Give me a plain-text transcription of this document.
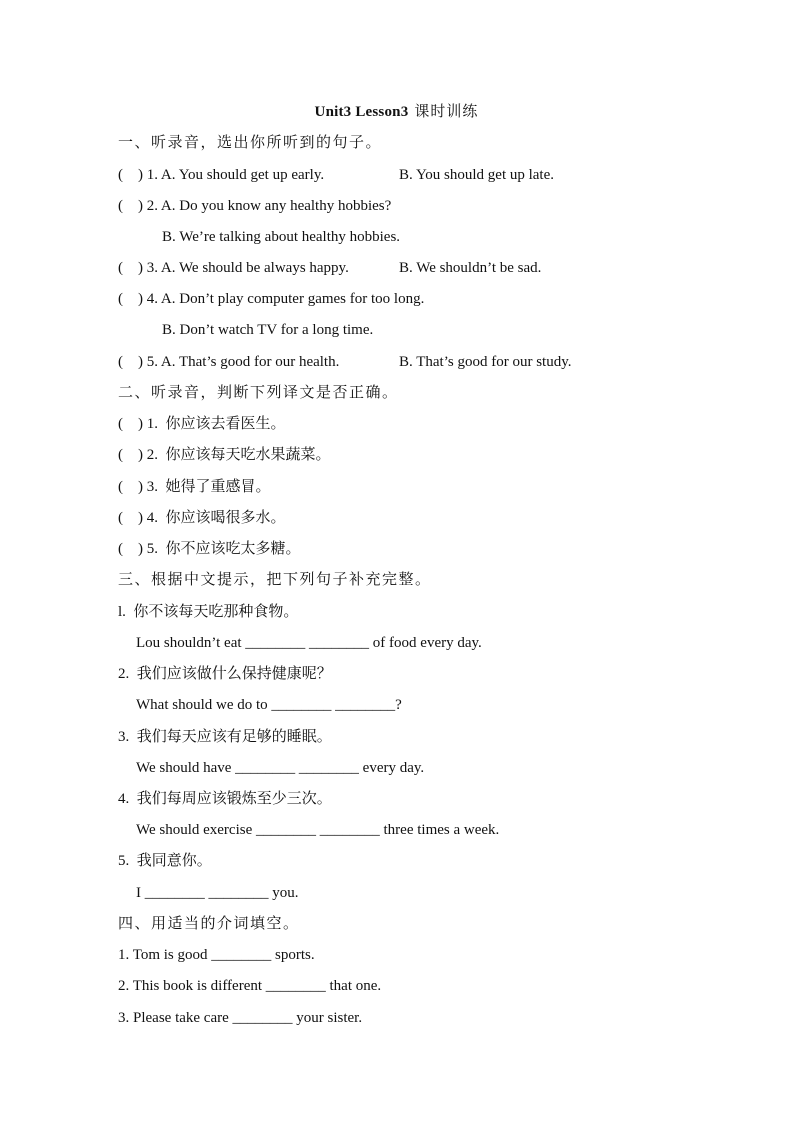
Unit3 Lesson3 课时训练
一、听录音，选出你所听到的句子。
(    ) 1. A. You should get up early.	B. You should get up late.
(    ) 2. A. Do you know any healthy hobbies?
B. We’re talking about healthy hobbies.
(    ) 3. A. We should be always happy.	B. We shouldn’t be sad.
(    ) 4. A. Don’t play computer games for too long.
B. Don’t watch TV for a long time.
(    ) 5. A. That’s good for our health.	B. That’s good for our study.
二、听录音，判断下列译文是否正确。
(    ) 1.  你应该去看医生。
(    ) 2.  你应该每天吃水果蔬菜。
(    ) 3.  她得了重感冒。
(    ) 4.  你应该喝很多水。
(    ) 5.  你不应该吃太多糖。
三、根据中文提示，把下列句子补充完整。
l.  你不该每天吃那种食物。
Lou shouldn’t eat ________ ________ of food every day.
2.  我们应该做什么保持健康呢？
What should we do to ________ ________?
3.  我们每天应该有足够的睡眠。
We should have ________ ________ every day.
4.  我们每周应该锻炼至少三次。
We should exercise ________ ________ three times a week.
5.  我同意你。
I ________ ________ you.
四、用适当的介词填空。
1. Tom is good ________ sports.
2. This book is different ________ that one.
3. Please take care ________ your sister.
